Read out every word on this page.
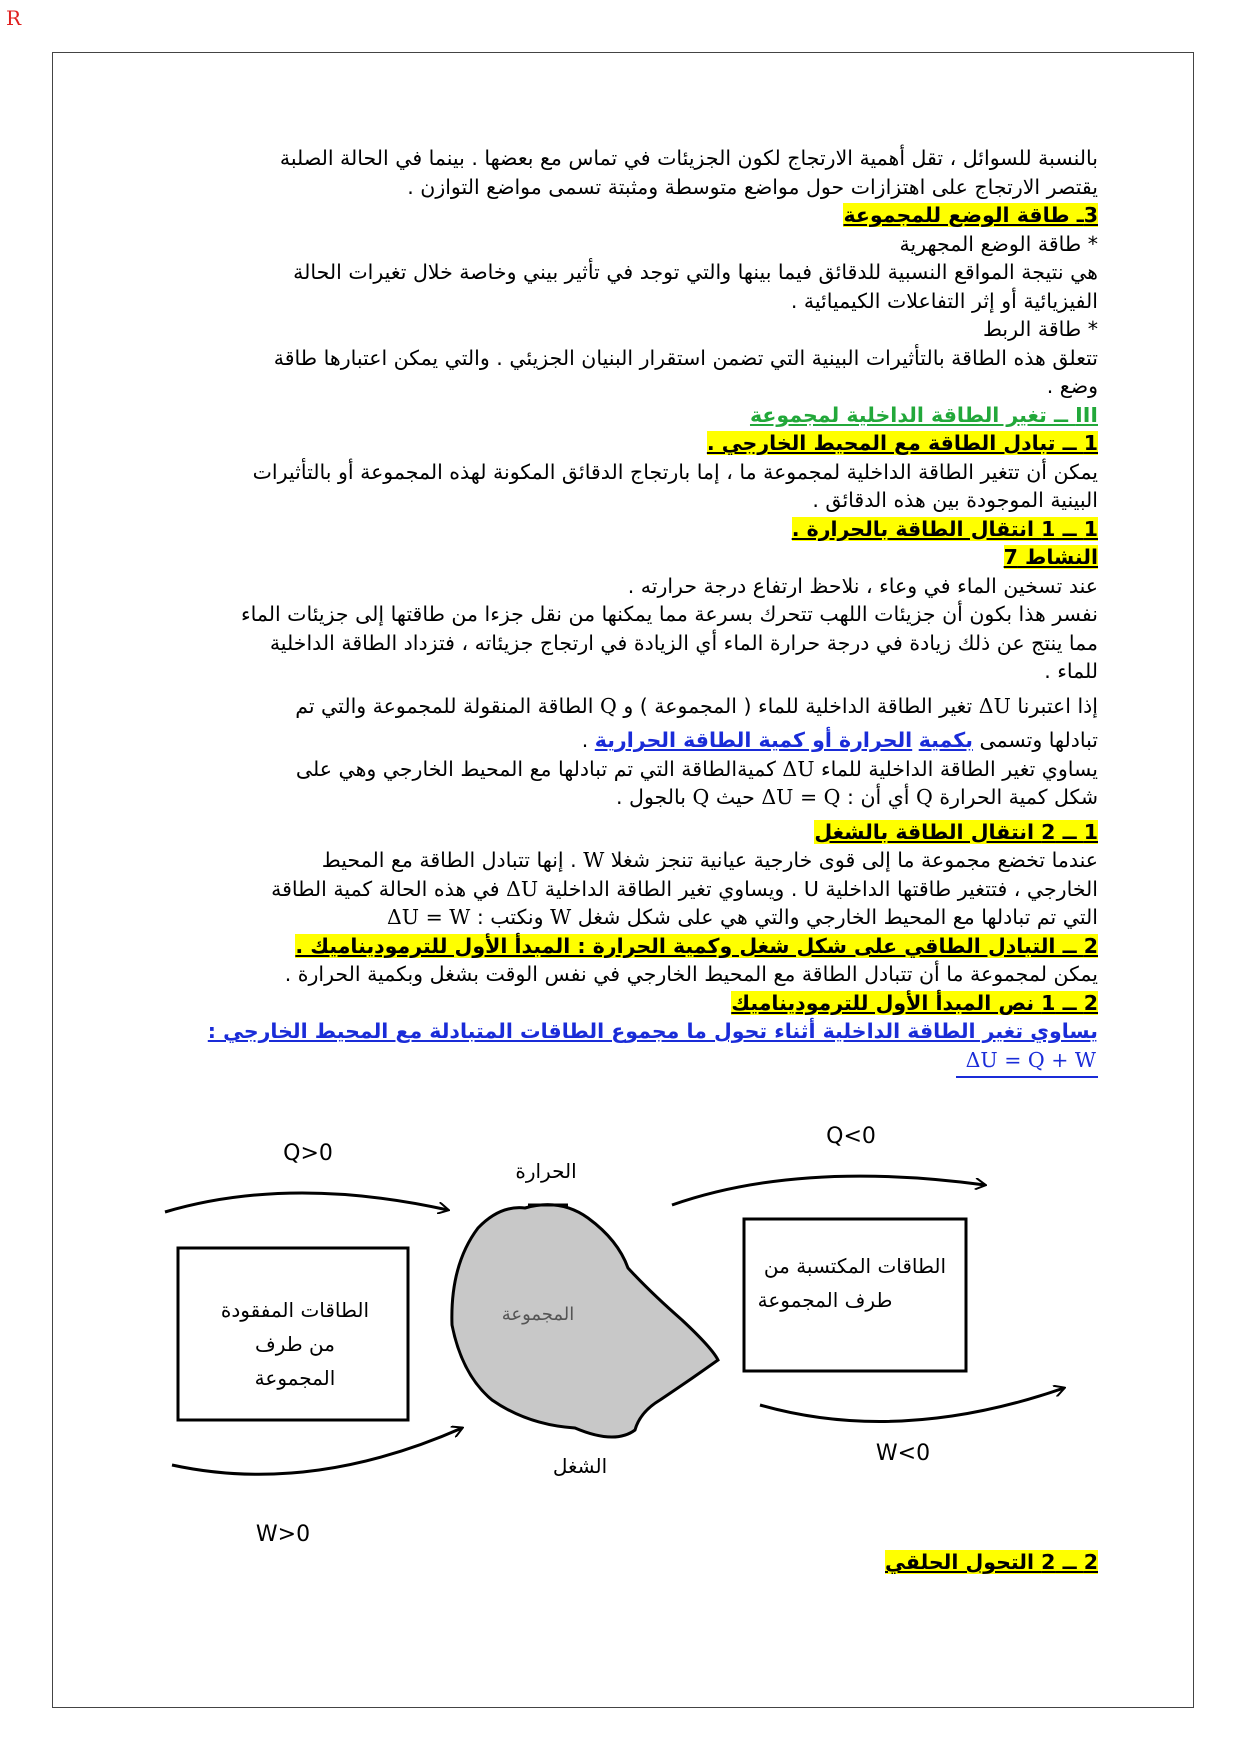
R

بالنسبة للسوائل ، تقل أهمية الارتجاج لكون الجزيئات في تماس مع بعضها . بينما في الحالة الصلبة

يقتصر الارتجاج على اهتزازات حول مواضع متوسطة ومثبتة تسمى مواضع التوازن .

3ـ طاقة الوضع للمجموعة

* طاقة الوضع المجهرية

هي نتيجة المواقع النسبية للدقائق فيما بينها والتي توجد في تأثير بيني وخاصة خلال تغيرات الحالة

الفيزيائية أو إثر التفاعلات الكيميائية .

* طاقة الربط

تتعلق هذه الطاقة بالتأثيرات البينية التي تضمن استقرار البنيان الجزيئي . والتي يمكن اعتبارها طاقة

وضع .

III ــ تغير الطاقة الداخلية لمجموعة

1 ــ تبادل الطاقة مع المحيط الخارجي .

يمكن أن تتغير الطاقة الداخلية لمجموعة ما ، إما بارتجاج الدقائق المكونة لهذه المجموعة أو بالتأثيرات

البينية الموجودة بين هذه الدقائق .

1 ــ 1 انتقال الطاقة بالحرارة .

النشاط 7

عند تسخين الماء في وعاء ، نلاحظ ارتفاع درجة حرارته .

نفسر هذا بكون أن جزيئات اللهب تتحرك بسرعة مما يمكنها من نقل جزءا من طاقتها إلى جزيئات الماء

مما ينتج عن ذلك زيادة في درجة حرارة الماء أي الزيادة في ارتجاج جزيئاته ، فتزداد الطاقة الداخلية

للماء .

إذا اعتبرنا ΔU تغير الطاقة الداخلية للماء ( المجموعة ) و Q الطاقة المنقولة للمجموعة والتي تم

تبادلها وتسمى بكمية الحرارة أو كمية الطاقة الحرارية .

يساوي تغير الطاقة الداخلية للماء ΔU كميةالطاقة التي تم تبادلها مع المحيط الخارجي وهي على

شكل كمية الحرارة Q أي أن : ΔU = Q حيث Q بالجول .

1 ــ 2 انتقال الطاقة بالشغل

عندما تخضع مجموعة ما إلى قوى خارجية عيانية تنجز شغلا W . إنها تتبادل الطاقة مع المحيط

الخارجي ، فتتغير طاقتها الداخلية U . ويساوي تغير الطاقة الداخلية ΔU في هذه الحالة كمية الطاقة

التي تم تبادلها مع المحيط الخارجي والتي هي على شكل شغل W ونكتب : ΔU = W

2 ــ التبادل الطاقي على شكل شغل وكمية الحرارة : المبدأ الأول للترموديناميك .

يمكن لمجموعة ما أن تتبادل الطاقة مع المحيط الخارجي في نفس الوقت بشغل وبكمية الحرارة .

2 ــ 1 نص المبدأ الأول للترموديناميك

يساوي تغير الطاقة الداخلية أثناء تحول ما مجموع الطاقات المتبادلة مع المحيط الخارجي :

ΔU = Q + W

Q>0
Q<0
W>0
W<0
الحرارة
الشغل
المجموعة
الطاقات المفقودة
من طرف
المجموعة
الطاقات المكتسبة من
طرف المجموعة
2 ــ 2 التحول الحلقي
